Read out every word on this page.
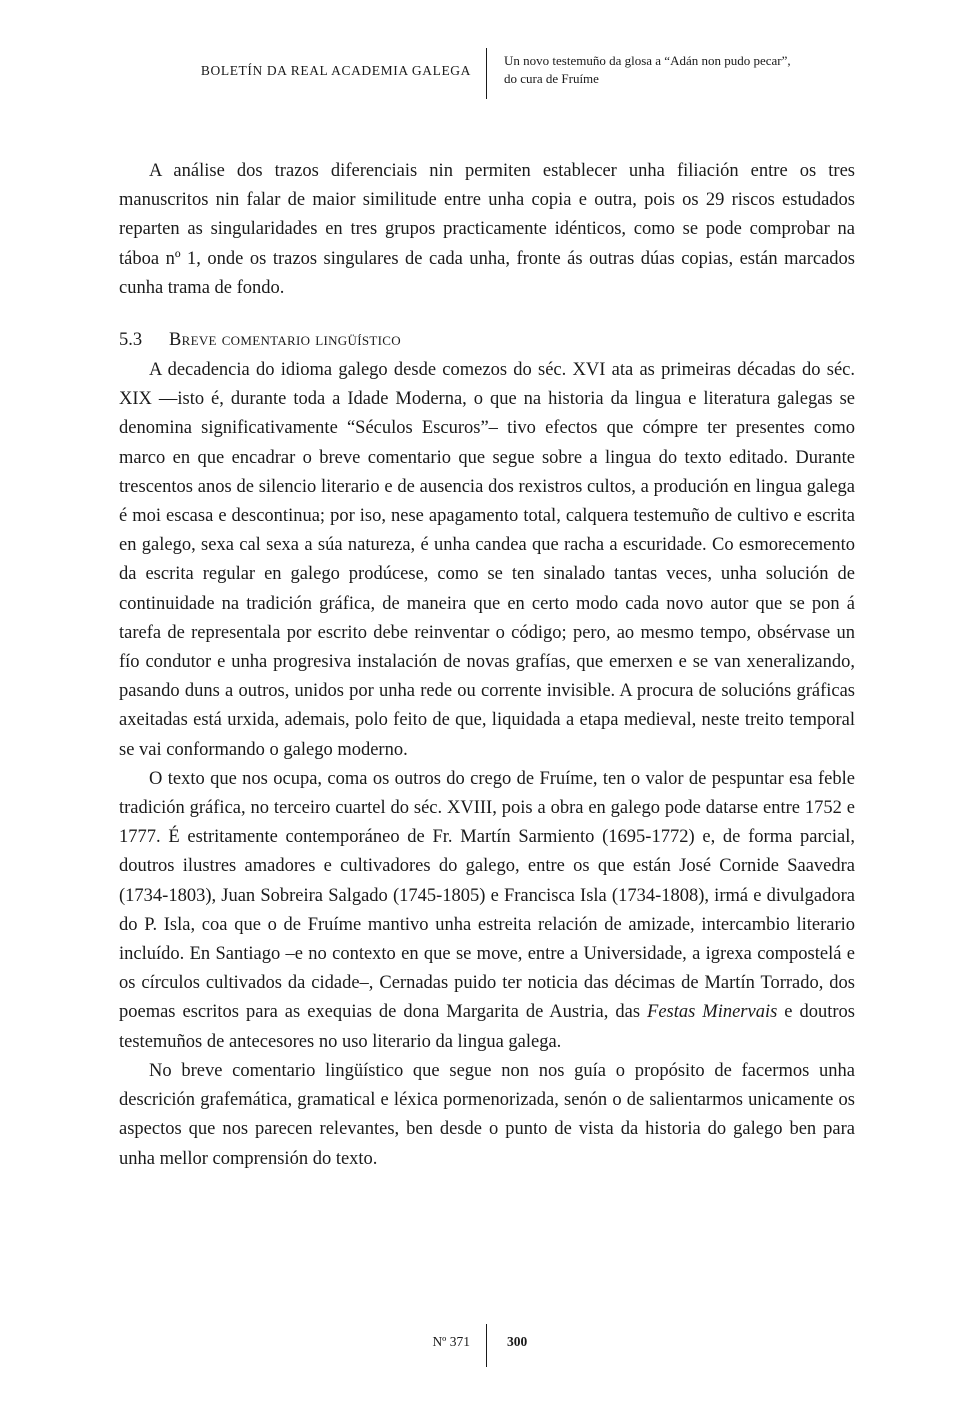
BOLETÍN DA REAL ACADEMIA GALEGA
Un novo testemuño da glosa a “Adán non pudo pecar”,
do cura de Fruíme

A análise dos trazos diferenciais nin permiten establecer unha filiación entre os tres manuscritos nin falar de maior similitude entre unha copia e outra, pois os 29 riscos estudados reparten as singularidades en tres grupos practicamente idénticos, como se pode comprobar na táboa nº 1, onde os trazos singulares de cada unha, fronte ás outras dúas copias, están marcados cunha trama de fondo.

5.3 Breve comentario lingüístico

A decadencia do idioma galego desde comezos do séc. XVI ata as primeiras décadas do séc. XIX —isto é, durante toda a Idade Moderna, o que na historia da lingua e literatura galegas se denomina significativamente “Séculos Escuros”– tivo efectos que cómpre ter presentes como marco en que encadrar o breve comentario que segue sobre a lingua do texto editado. Durante trescentos anos de silencio literario e de ausencia dos rexistros cultos, a produción en lingua galega é moi escasa e descontinua; por iso, nese apagamento total, calquera testemuño de cultivo e escrita en galego, sexa cal sexa a súa natureza, é unha candea que racha a escuridade. Co esmorecemento da escrita regular en galego prodúcese, como se ten sinalado tantas veces, unha solución de continuidade na tradición gráfica, de maneira que en certo modo cada novo autor que se pon á tarefa de representala por escrito debe reinventar o código; pero, ao mesmo tempo, obsérvase un fío condutor e unha progresiva instalación de novas grafías, que emerxen e se van xeneralizando, pasando duns a outros, unidos por unha rede ou corrente invisible. A procura de solucións gráficas axeitadas está urxida, ademais, polo feito de que, liquidada a etapa medieval, neste treito temporal se vai conformando o galego moderno.

O texto que nos ocupa, coma os outros do crego de Fruíme, ten o valor de pespuntar esa feble tradición gráfica, no terceiro cuartel do séc. XVIII, pois a obra en galego pode datarse entre 1752 e 1777. É estritamente contemporáneo de Fr. Martín Sarmiento (1695-1772) e, de forma parcial, doutros ilustres amadores e cultivadores do galego, entre os que están José Cornide Saavedra (1734-1803), Juan Sobreira Salgado (1745-1805) e Francisca Isla (1734-1808), irmá e divulgadora do P. Isla, coa que o de Fruíme mantivo unha estreita relación de amizade, intercambio literario incluído. En Santiago –e no contexto en que se move, entre a Universidade, a igrexa compostelá e os círculos cultivados da cidade–, Cernadas puido ter noticia das décimas de Martín Torrado, dos poemas escritos para as exequias de dona Margarita de Austria, das Festas Minervais e doutros testemuños de antecesores no uso literario da lingua galega.

No breve comentario lingüístico que segue non nos guía o propósito de facermos unha descrición grafemática, gramatical e léxica pormenorizada, senón o de salientarmos unicamente os aspectos que nos parecen relevantes, ben desde o punto de vista da historia do galego ben para unha mellor comprensión do texto.

Nº 371	300
